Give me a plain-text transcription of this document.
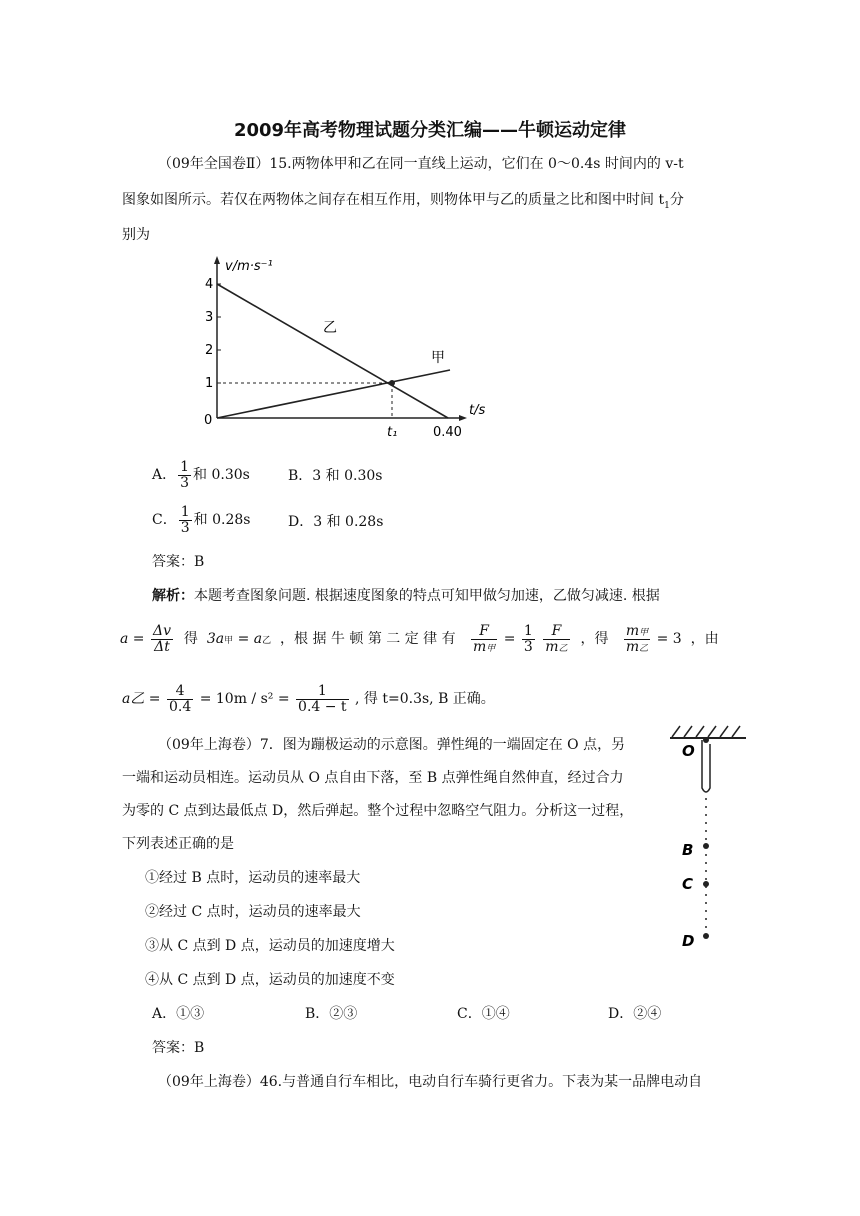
2009年高考物理试题分类汇编——牛顿运动定律
（09年全国卷Ⅱ）15.两物体甲和乙在同一直线上运动，它们在 0～0.4s 时间内的 v-t
图象如图所示。若仅在两物体之间存在相互作用，则物体甲与乙的质量之比和图中时间 $t_1$分
别为
4
3
2
1
0
v/m·s⁻¹
t/s
t₁	0.40
乙
甲
A． $\frac{1}{3}$ 和 0.30s	B．3 和 0.30s
C． $\frac{1}{3}$ 和 0.28s	D．3 和 0.28s
答案：B
解析：本题考查图象问题. 根据速度图象的特点可知甲做匀加速，乙做匀减速. 根据
$a = \frac{\Delta v}{\Delta t}$ 得 3a甲 = a乙 ，根 据 牛 顿 第 二 定 律 有 $\frac{F}{\text{m甲}} = \frac{1}{3}$
$\frac{F}{\text{m乙}}$ ，得 $\frac{\text{m甲}}{\text{m乙}} = 3$ ，由
a乙 = $\frac{4}{0.4} = 10m / s^2 = \frac{1}{0.4 - t}$ , 得 t=0.3s, B 正确。
（09年上海卷）7．图为蹦极运动的示意图。弹性绳的一端固定在 O 点，另
一端和运动员相连。运动员从 O 点自由下落，至 B 点弹性绳自然伸直，经过合力
为零的 C 点到达最低点 D，然后弹起。整个过程中忽略空气阻力。分析这一过程，
下列表述正确的是
①经过 B 点时，运动员的速率最大
②经过 C 点时，运动员的速率最大
③从 C 点到 D 点，运动员的加速度增大
④从 C 点到 D 点，运动员的加速度不变
A．①③	B．②③	C．①④	D．②④
答案：B
O
B
C
D
（09年上海卷）46.与普通自行车相比，电动自行车骑行更省力。下表为某一品牌电动自
